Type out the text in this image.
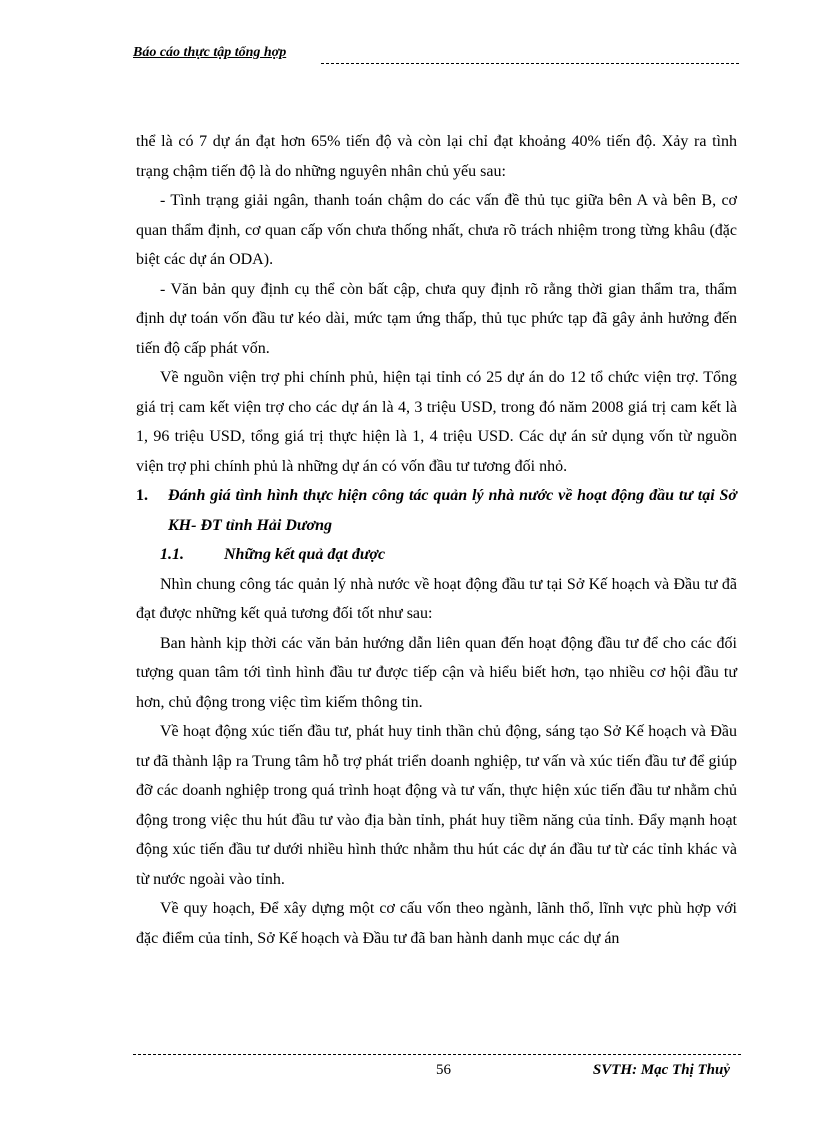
Báo cáo thực tập tổng hợp

thể là có 7 dự án đạt hơn 65% tiến độ và còn lại chỉ đạt khoảng 40% tiến độ. Xảy ra tình trạng chậm tiến độ là do những nguyên nhân chủ yếu sau:

- Tình trạng giải ngân, thanh toán chậm do các vấn đề thủ tục giữa bên A và bên B, cơ quan thẩm định, cơ quan cấp vốn chưa thống nhất, chưa rõ trách nhiệm trong từng khâu (đặc biệt các dự án ODA).

- Văn bản quy định cụ thể còn bất cập, chưa quy định rõ rằng thời gian thẩm tra, thẩm định dự toán vốn đầu tư kéo dài, mức tạm ứng thấp, thủ tục phức tạp đã gây ảnh hưởng đến tiến độ cấp phát vốn.

Về nguồn viện trợ phi chính phủ, hiện tại tỉnh có 25 dự án do 12 tổ chức viện trợ. Tổng giá trị cam kết viện trợ cho các dự án là 4, 3 triệu USD, trong đó năm 2008 giá trị cam kết là 1, 96 triệu USD, tổng giá trị thực hiện là 1, 4 triệu USD. Các dự án sử dụng vốn từ nguồn viện trợ phi chính phủ là những dự án có vốn đầu tư tương đối nhỏ.

1.	Đánh giá tình hình thực hiện công tác quản lý nhà nước về hoạt động đầu tư tại Sở KH- ĐT tỉnh Hải Dương
1.1.	Những kết quả đạt được

Nhìn chung công tác quản lý nhà nước về hoạt động đầu tư tại Sở Kế hoạch và Đầu tư đã đạt được những kết quả tương đối tốt như sau:

Ban hành kịp thời các văn bản hướng dẫn liên quan đến hoạt động đầu tư để cho các đối tượng quan tâm tới tình hình đầu tư được tiếp cận và hiểu biết hơn, tạo nhiều cơ hội đầu tư hơn, chủ động trong việc tìm kiếm thông tin.

Về hoạt động xúc tiến đầu tư, phát huy tinh thần chủ động, sáng tạo Sở Kế hoạch và Đầu tư đã thành lập ra Trung tâm hỗ trợ phát triển doanh nghiệp, tư vấn và xúc tiến đầu tư để giúp đỡ các doanh nghiệp trong quá trình hoạt động và tư vấn, thực hiện xúc tiến đầu tư nhằm chủ động trong việc thu hút đầu tư vào địa bàn tỉnh, phát huy tiềm năng của tỉnh. Đẩy mạnh hoạt động xúc tiến đầu tư dưới nhiều hình thức nhằm thu hút các dự án đầu tư từ các tỉnh khác và từ nước ngoài vào tỉnh.

Về quy hoạch, Để xây dựng một cơ cấu vốn theo ngành, lãnh thổ, lĩnh vực phù hợp với đặc điểm của tỉnh, Sở Kế hoạch và Đầu tư đã ban hành danh mục các dự án

56	SVTH: Mạc Thị Thuỷ
